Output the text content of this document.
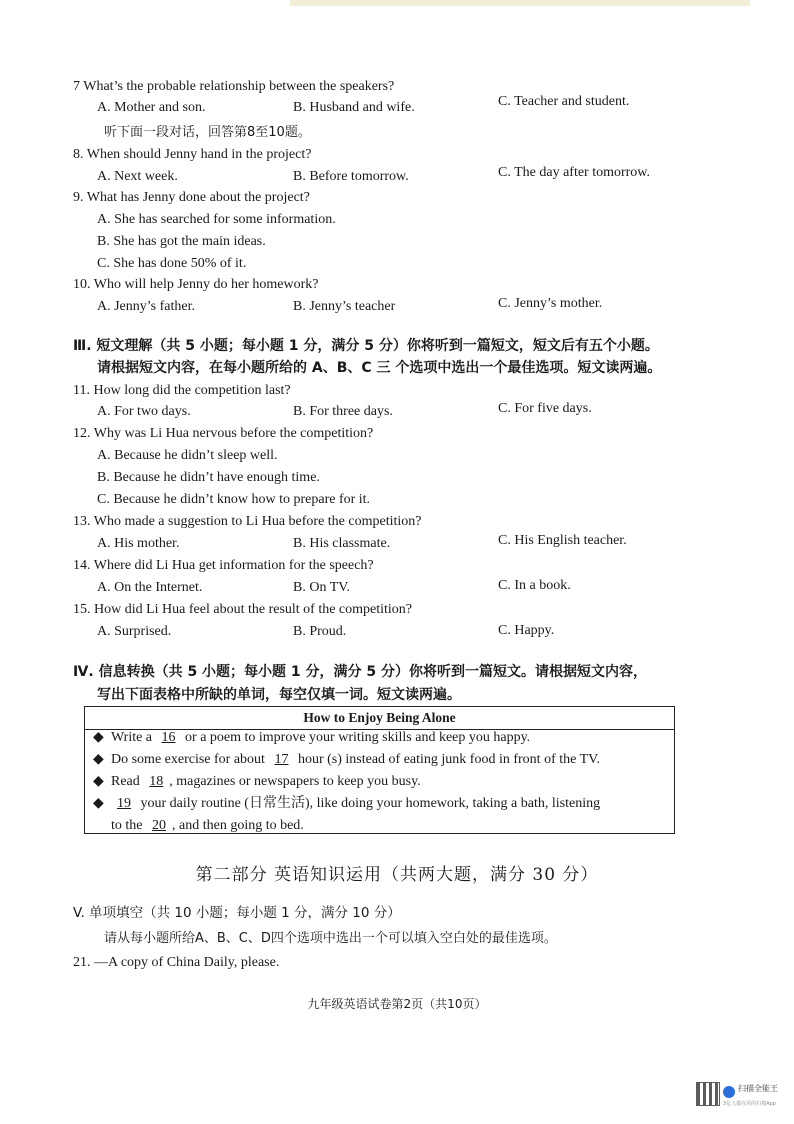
7 What’s the probable relationship between the speakers?
A. Mother and son.	B. Husband and wife.	C. Teacher and student.
听下面一段对话，回答第8至10题。
8. When should Jenny hand in the project?
A. Next week.	B. Before tomorrow.	C. The day after tomorrow.
9. What has Jenny done about the project?
A. She has searched for some information.
B. She has got the main ideas.
C. She has done 50% of it.
10. Who will help Jenny do her homework?
A. Jenny’s father.	B. Jenny’s teacher	C. Jenny’s mother.
Ⅲ. 短文理解（共 5 小题；每小题 1 分，满分 5 分）你将听到一篇短文，短文后有五个小题。
请根据短文内容，在每小题所给的 A、B、C 三 个选项中选出一个最佳选项。短文读两遍。
11. How long did the competition last?
A. For two days.	B. For three days.	C. For five days.
12. Why was Li Hua nervous before the competition?
A. Because he didn’t sleep well.
B. Because he didn’t have enough time.
C. Because he didn’t know how to prepare for it.
13. Who made a suggestion to Li Hua before the competition?
A. His mother.	B. His classmate.	C. His English teacher.
14. Where did Li Hua get information for the speech?
A. On the Internet.	B. On TV.	C. In a book.
15. How did Li Hua feel about the result of the competition?
A. Surprised.	B. Proud.	C. Happy.
Ⅳ. 信息转换（共 5 小题；每小题 1 分，满分 5 分）你将听到一篇短文。请根据短文内容，
写出下面表格中所缺的单词，每空仅填一词。短文读两遍。
How to Enjoy Being Alone
◆ Write a 16 or a poem to improve your writing skills and keep you happy.
◆ Do some exercise for about 17 hour (s) instead of eating junk food in front of the TV.
◆ Read 18 , magazines or newspapers to keep you busy.
◆ 19 your daily routine (日常生活), like doing your homework, taking a bath, listening
to the 20 , and then going to bed.
第二部分 英语知识运用（共两大题，满分 30 分）
V. 单项填空（共 10 小题；每小题 1 分，满分 10 分）
请从每小题所给A、B、C、D四个选项中选出一个可以填入空白处的最佳选项。
21. —A copy of China Daily, please.
九年级英语试卷第2页（共10页）
扫描全能王
3亿人都在用的扫描App
